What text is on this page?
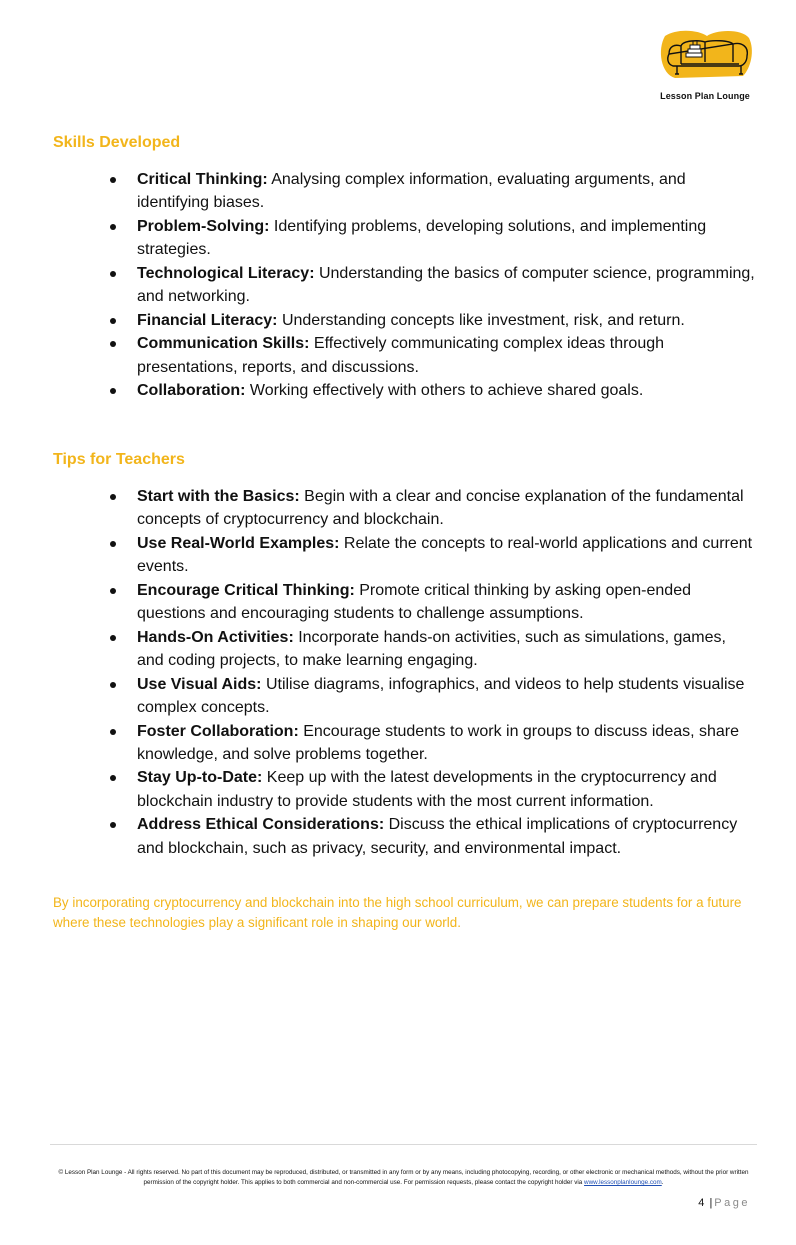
Lesson Plan Lounge
Skills Developed
Critical Thinking: Analysing complex information, evaluating arguments, and identifying biases.
Problem-Solving: Identifying problems, developing solutions, and implementing strategies.
Technological Literacy: Understanding the basics of computer science, programming, and networking.
Financial Literacy: Understanding concepts like investment, risk, and return.
Communication Skills: Effectively communicating complex ideas through presentations, reports, and discussions.
Collaboration: Working effectively with others to achieve shared goals.
Tips for Teachers
Start with the Basics: Begin with a clear and concise explanation of the fundamental concepts of cryptocurrency and blockchain.
Use Real-World Examples: Relate the concepts to real-world applications and current events.
Encourage Critical Thinking: Promote critical thinking by asking open-ended questions and encouraging students to challenge assumptions.
Hands-On Activities: Incorporate hands-on activities, such as simulations, games, and coding projects, to make learning engaging.
Use Visual Aids: Utilise diagrams, infographics, and videos to help students visualise complex concepts.
Foster Collaboration: Encourage students to work in groups to discuss ideas, share knowledge, and solve problems together.
Stay Up-to-Date: Keep up with the latest developments in the cryptocurrency and blockchain industry to provide students with the most current information.
Address Ethical Considerations: Discuss the ethical implications of cryptocurrency and blockchain, such as privacy, security, and environmental impact.

By incorporating cryptocurrency and blockchain into the high school curriculum, we can prepare students for a future where these technologies play a significant role in shaping our world.

© Lesson Plan Lounge - All rights reserved. No part of this document may be reproduced, distributed, or transmitted in any form or by any means, including photocopying, recording, or other electronic or mechanical methods, without the prior written permission of the copyright holder. This applies to both commercial and non-commercial use. For permission requests, please contact the copyright holder via www.lessonplanlounge.com.

4 | Page
